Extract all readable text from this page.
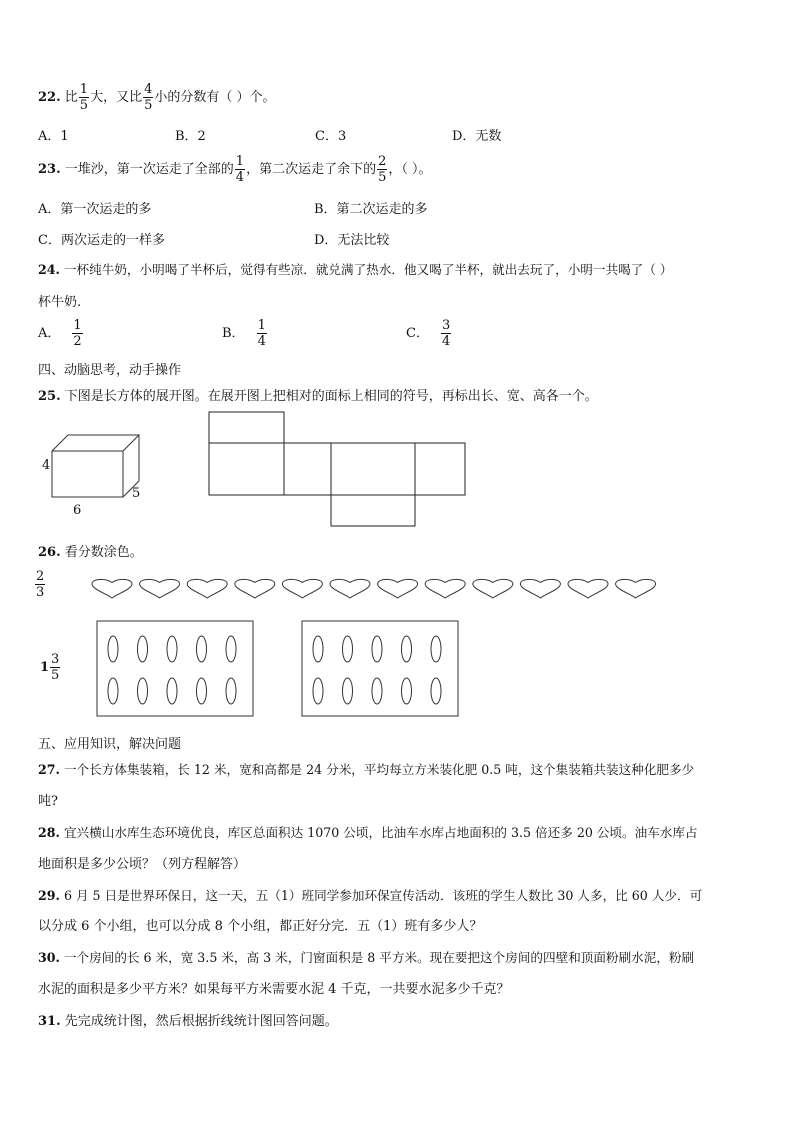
22. 比 $\frac{1}{5}$ 大，又比 $\frac{4}{5}$ 小的分数有（ ）个。
A．1	B．2	C．3	D．无数
23. 一堆沙，第一次运走了全部的 $\frac{1}{4}$ ，第二次运走了余下的 $\frac{2}{5}$ ，（ ）。
A．第一次运走的多	B．第二次运走的多
C．两次运走的一样多	D．无法比较
24. 一杯纯牛奶，小明喝了半杯后，觉得有些凉．就兑满了热水．他又喝了半杯，就出去玩了，小明一共喝了（ ）
杯牛奶.
A． $\frac{1}{2}$	B． $\frac{1}{4}$	C． $\frac{3}{4}$
四、动脑思考，动手操作
25. 下图是长方体的展开图。在展开图上把相对的面标上相同的符号，再标出长、宽、高各一个。
4
5
6
26. 看分数涂色。
$\frac{2}{3}$
$1 \frac{3}{5}$
五、应用知识，解决问题
27. 一个长方体集装箱，长 12 米，宽和高都是 24 分米，平均每立方米装化肥 0.5 吨，这个集装箱共装这种化肥多少
吨?
28. 宜兴横山水库生态环境优良，库区总面积达 1070 公顷，比油车水库占地面积的 3.5 倍还多 20 公顷。油车水库占
地面积是多少公顷？（列方程解答）
29. 6 月 5 日是世界环保日，这一天，五（1）班同学参加环保宣传活动．该班的学生人数比 30 人多，比 60 人少．可
以分成 6 个小组，也可以分成 8 个小组，都正好分完．五（1）班有多少人？
30. 一个房间的长 6 米，宽 3.5 米，高 3 米，门窗面积是 8 平方米。现在要把这个房间的四壁和顶面粉刷水泥，粉刷
水泥的面积是多少平方米？如果每平方米需要水泥 4 千克，一共要水泥多少千克？
31. 先完成统计图，然后根据折线统计图回答问题。
